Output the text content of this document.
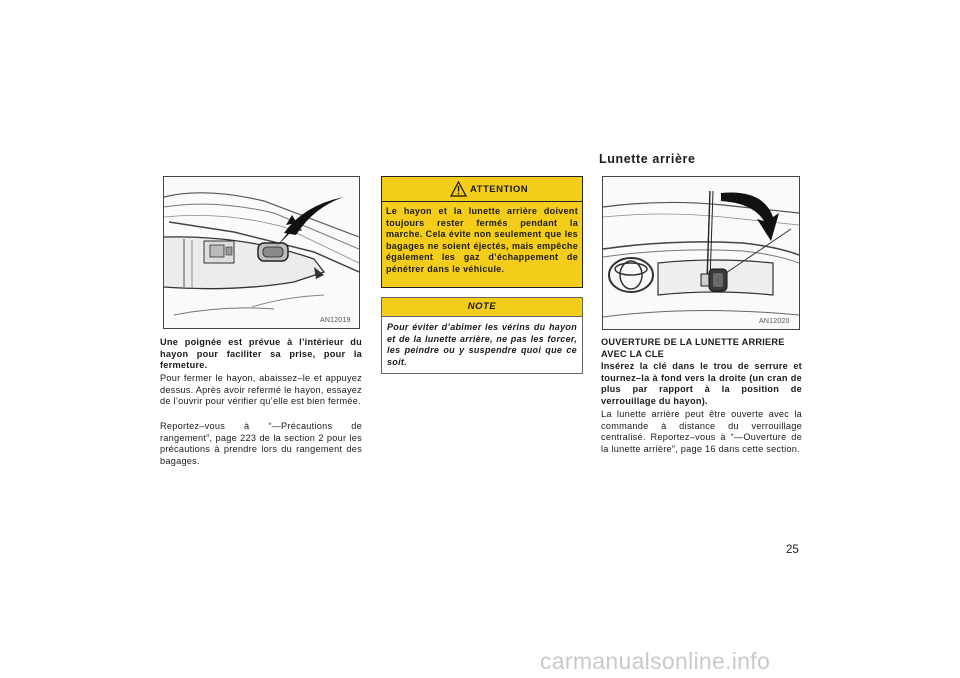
Lunette arrière
AN12019
Une poignée est prévue à l’intérieur du hayon pour faciliter sa prise, pour la fermeture.
Pour fermer le hayon, abaissez–le et appuyez dessus. Après avoir refermé le hayon, essayez de l’ouvrir pour vérifier qu’elle est bien fermée.
Reportez–vous à “—Précautions de rangement”, page 223 de la section 2 pour les précautions à prendre lors du rangement des bagages.
ATTENTION
Le hayon et la lunette arrière doivent toujours rester fermés pendant la marche. Cela évite non seulement que les bagages ne soient éjectés, mais empêche également les gaz d’échappement de pénétrer dans le véhicule.
NOTE
Pour éviter d’abîmer les vérins du hayon et de la lunette arrière, ne pas les forcer, les peindre ou y suspendre quoi que ce soit.
AN12020
OUVERTURE DE LA LUNETTE ARRIERE AVEC LA CLE
Insérez la clé dans le trou de serrure et tournez–la à fond vers la droite (un cran de plus par rapport à la position de verrouillage du hayon).
La lunette arrière peut être ouverte avec la commande à distance du verrouillage centralisé. Reportez–vous à “—Ouverture de la lunette arrière”, page 16 dans cette section.
25
carmanualsonline.info
